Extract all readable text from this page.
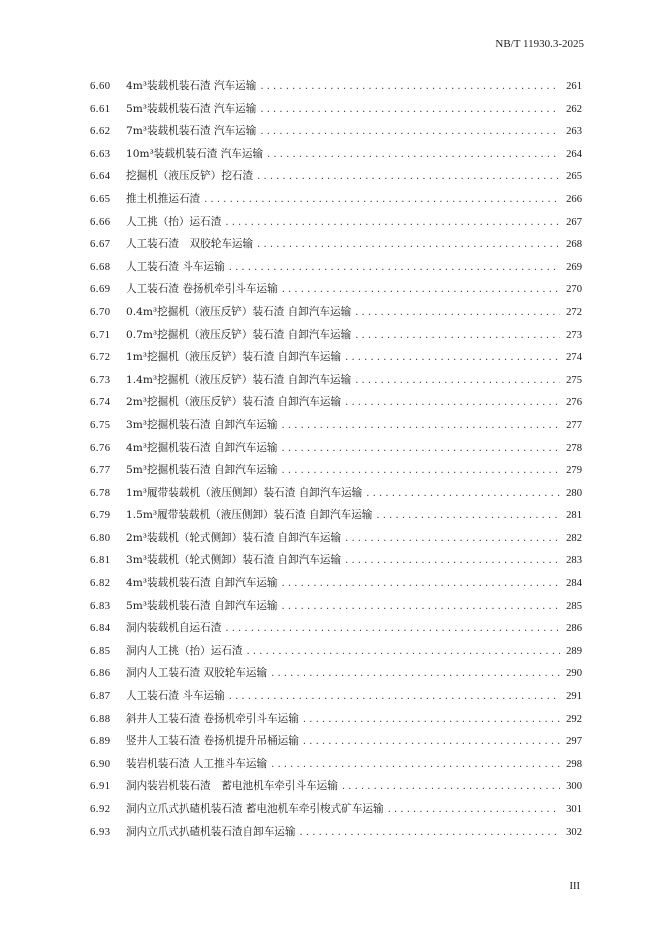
NB/T 11930.3-2025
6.60	4m³装载机装石渣 汽车运输 . . .	261
6.61	5m³装载机装石渣 汽车运输 . . .	262
6.62	7m³装载机装石渣 汽车运输 . . .	263
6.63	10m³装载机装石渣 汽车运输 . . .	264
6.64	挖掘机（液压反铲）挖石渣 . . .	265
6.65	推土机推运石渣 . . .	266
6.66	人工挑（抬）运石渣 . . .	267
6.67	人工装石渣　双胶轮车运输 . . .	268
6.68	人工装石渣 斗车运输 . . .	269
6.69	人工装石渣 卷扬机牵引斗车运输 . . .	270
6.70	0.4m³挖掘机（液压反铲）装石渣 自卸汽车运输 . . .	272
6.71	0.7m³挖掘机（液压反铲）装石渣 自卸汽车运输 . . .	273
6.72	1m³挖掘机（液压反铲）装石渣 自卸汽车运输 . . .	274
6.73	1.4m³挖掘机（液压反铲）装石渣 自卸汽车运输 . . .	275
6.74	2m³挖掘机（液压反铲）装石渣 自卸汽车运输 . . .	276
6.75	3m³挖掘机装石渣 自卸汽车运输 . . .	277
6.76	4m³挖掘机装石渣 自卸汽车运输 . . .	278
6.77	5m³挖掘机装石渣 自卸汽车运输 . . .	279
6.78	1m³履带装载机（液压侧卸）装石渣 自卸汽车运输 . . .	280
6.79	1.5m³履带装载机（液压侧卸）装石渣 自卸汽车运输 . . .	281
6.80	2m³装载机（轮式侧卸）装石渣 自卸汽车运输 . . .	282
6.81	3m³装载机（轮式侧卸）装石渣 自卸汽车运输 . . .	283
6.82	4m³装载机装石渣 自卸汽车运输 . . .	284
6.83	5m³装载机装石渣 自卸汽车运输 . . .	285
6.84	洞内装载机自运石渣 . . .	286
6.85	洞内人工挑（抬）运石渣 . . .	289
6.86	洞内人工装石渣 双胶轮车运输 . . .	290
6.87	人工装石渣 斗车运输 . . .	291
6.88	斜井人工装石渣 卷扬机牵引斗车运输 . . .	292
6.89	竖井人工装石渣 卷扬机提升吊桶运输 . . .	297
6.90	装岩机装石渣 人工推斗车运输 . . .	298
6.91	洞内装岩机装石渣　蓄电池机车牵引斗车运输 . . .	300
6.92	洞内立爪式扒碴机装石渣 蓄电池机车牵引梭式矿车运输 . . .	301
6.93	洞内立爪式扒碴机装石渣自卸车运输 . . .	302
III
